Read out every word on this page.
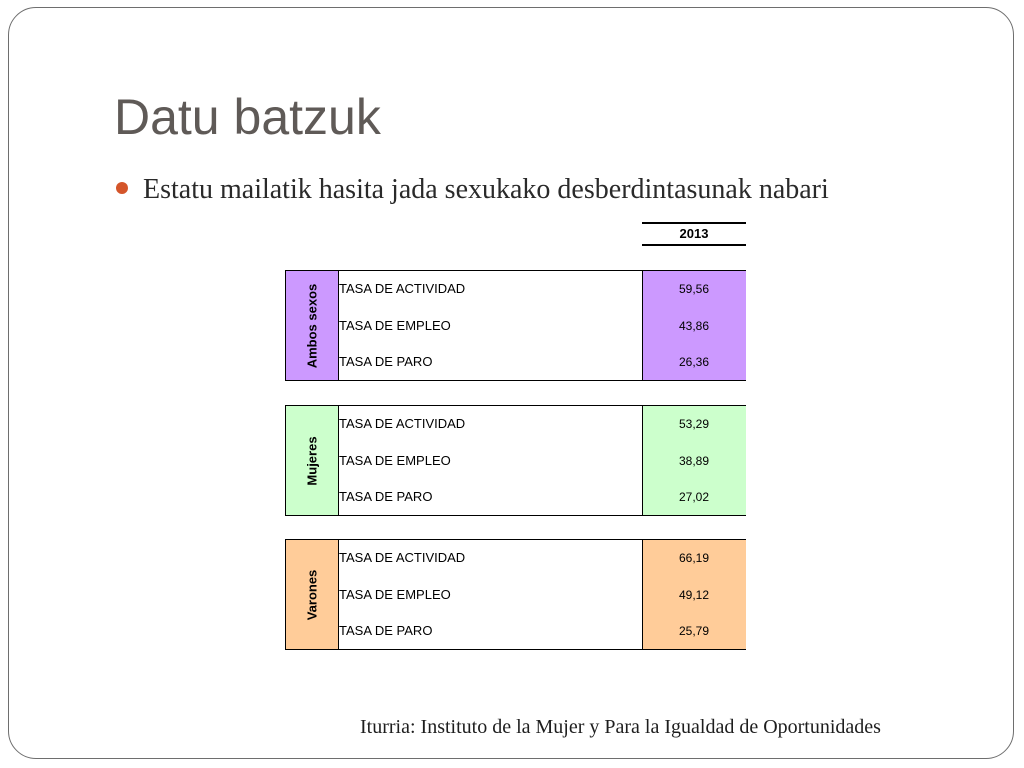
Datu batzuk
Estatu mailatik hasita jada sexukako desberdintasunak nabari
2013
Ambos sexos TASA DE ACTIVIDAD	59,56
TASA DE EMPLEO	43,86
TASA DE PARO	26,36
Mujeres
TASA DE ACTIVIDAD	53,29
TASA DE EMPLEO	38,89
TASA DE PARO	27,02
Varones
TASA DE ACTIVIDAD	66,19
TASA DE EMPLEO	49,12
TASA DE PARO	25,79
Iturria: Instituto de la Mujer y Para la Igualdad de Oportunidades
